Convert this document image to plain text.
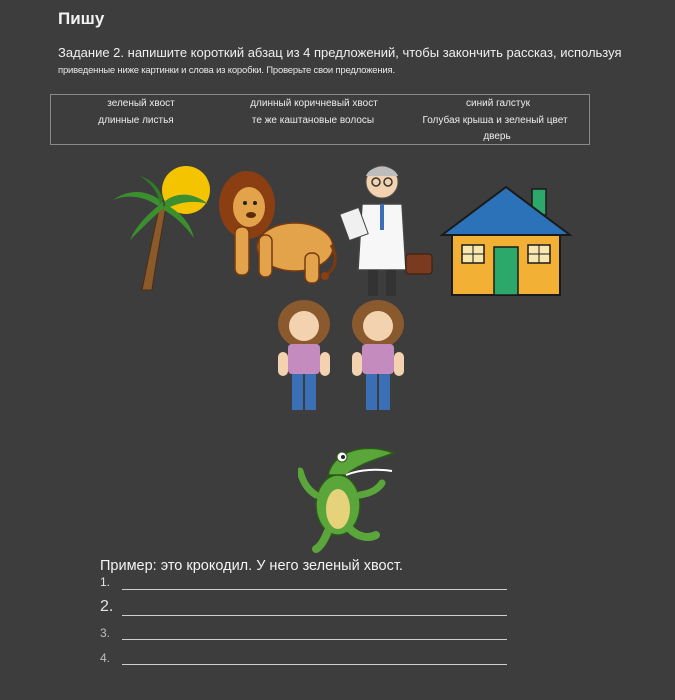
Пишу
Задание 2. напишите короткий абзац из 4 предложений, чтобы закончить рассказ, используя
приведенные ниже картинки и слова из коробки. Проверьте свои предложения.
зеленый хвост	длинный коричневый хвост	синий галстук
длинные листья	те же каштановые волосы	Голубая крыша и зеленый цвет
дверь
Пример: это крокодил. У него зеленый хвост.
1.
2.
3.
4.
